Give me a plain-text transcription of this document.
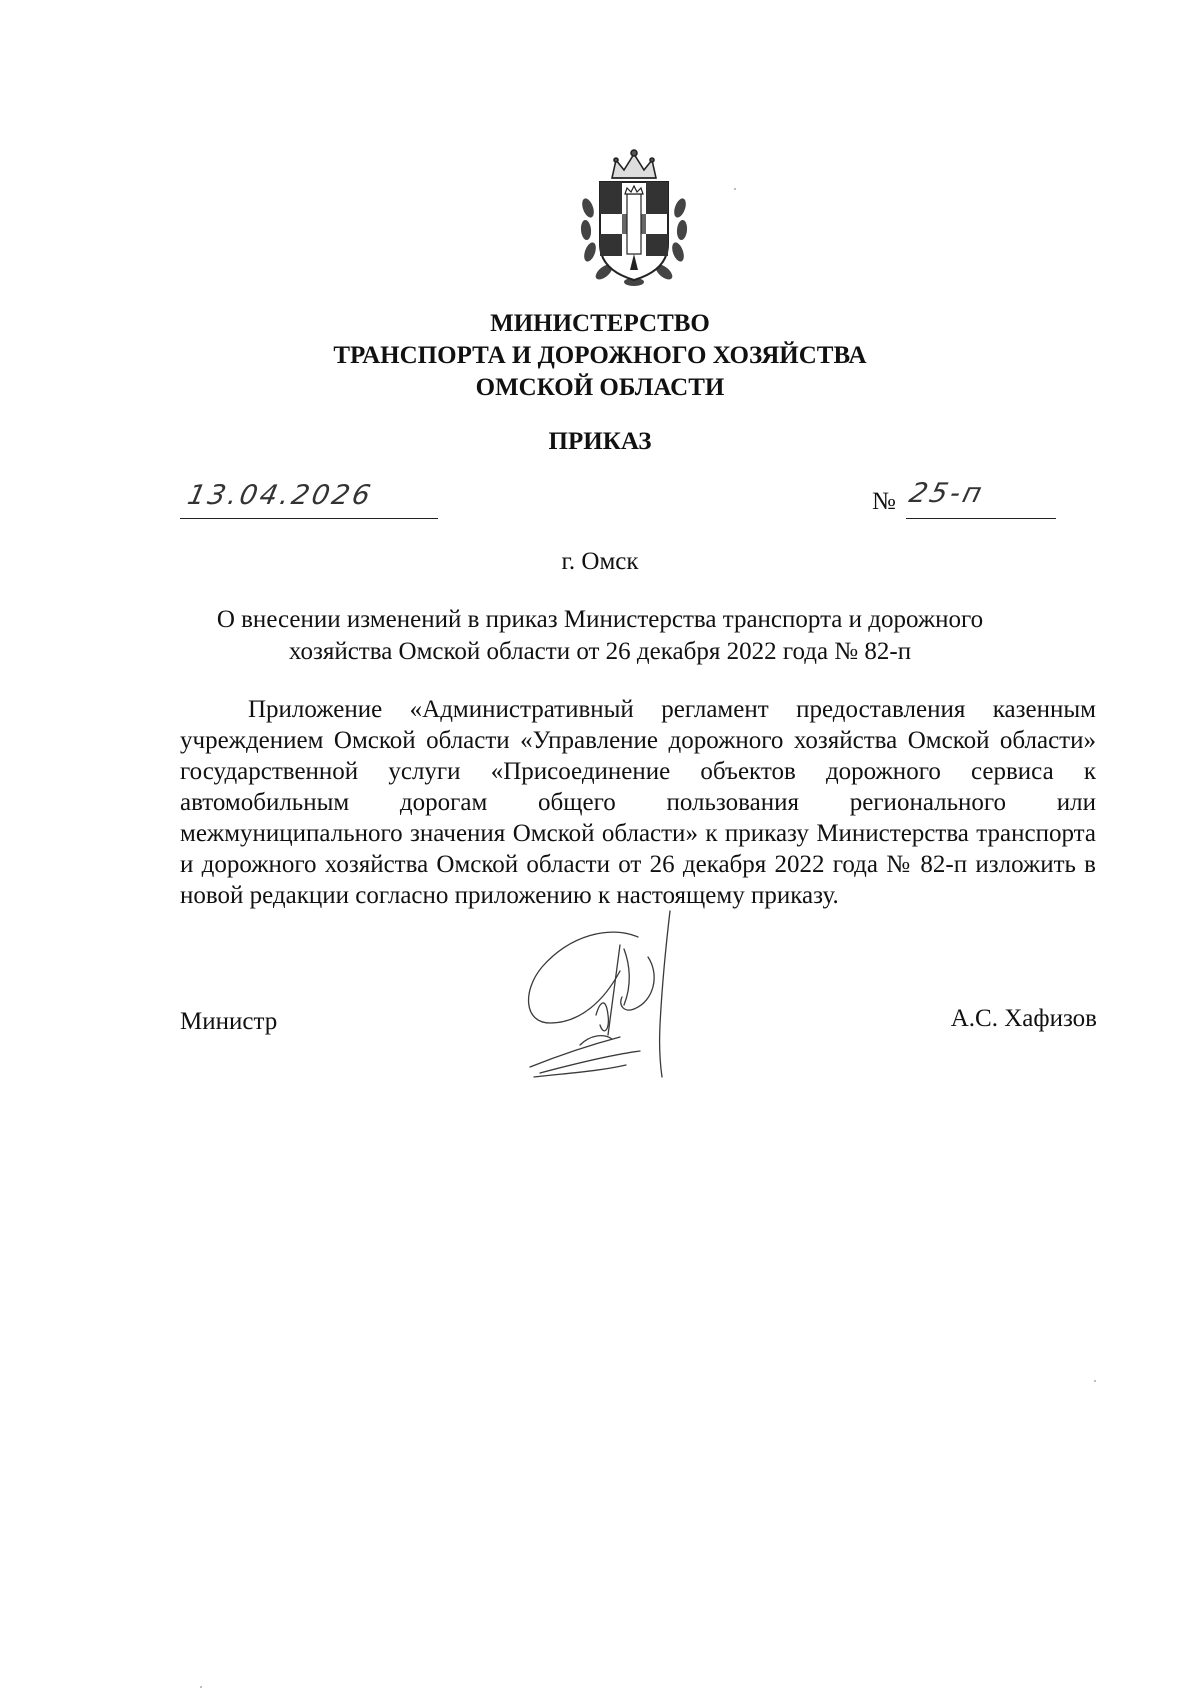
МИНИСТЕРСТВО
ТРАНСПОРТА И ДОРОЖНОГО ХОЗЯЙСТВА
ОМСКОЙ ОБЛАСТИ
ПРИКАЗ
13.04.2026	№ 25-п
г. Омск
О внесении изменений в приказ Министерства транспорта и дорожного
хозяйства Омской области от 26 декабря 2022 года № 82-п

Приложение «Административный регламент предоставления казенным учреждением Омской области «Управление дорожного хозяйства Омской области» государственной услуги «Присоединение объектов дорожного сервиса к автомобильным дорогам общего пользования регионального или межмуниципального значения Омской области» к приказу Министерства транспорта и дорожного хозяйства Омской области от 26 декабря 2022 года № 82-п изложить в новой редакции согласно приложению к настоящему приказу.

Министр	А.С. Хафизов
